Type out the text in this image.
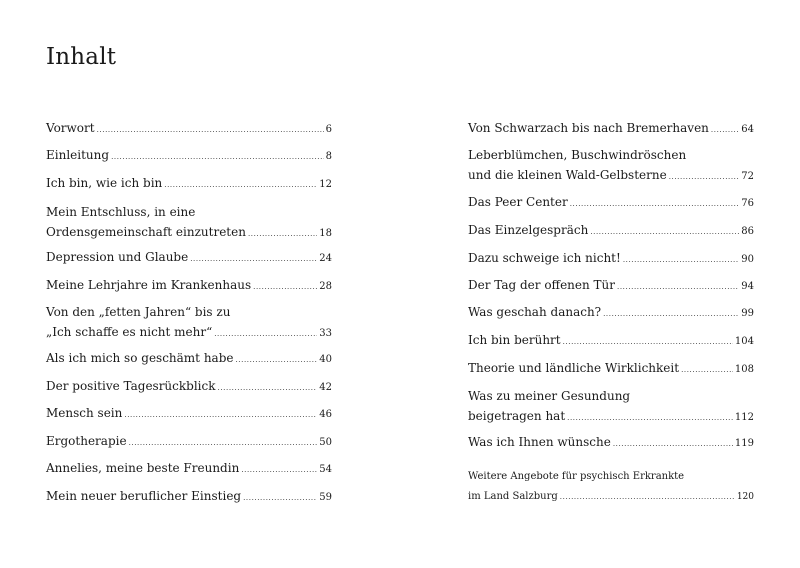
Inhalt
Vorwort .....	6
Einleitung .....	8
Ich bin, wie ich bin .....	12
Mein Entschluss, in eine
Ordensgemeinschaft einzutreten .....	18
Depression und Glaube .....	24
Meine Lehrjahre im Krankenhaus .....	28
Von den „fetten Jahren“ bis zu
„Ich schaffe es nicht mehr“ .....	33
Als ich mich so geschämt habe .....	40
Der positive Tagesrückblick .....	42
Mensch sein .....	46
Ergotherapie .....	50
Annelies, meine beste Freundin .....	54
Mein neuer beruflicher Einstieg .....	59
Von Schwarzach bis nach Bremerhaven .....	64
Leberblümchen, Buschwindröschen
und die kleinen Wald-Gelbsterne .....	72
Das Peer Center .....	76
Das Einzelgespräch .....	86
Dazu schweige ich nicht! .....	90
Der Tag der offenen Tür .....	94
Was geschah danach? .....	99
Ich bin berührt .....	104
Theorie und ländliche Wirklichkeit .....	108
Was zu meiner Gesundung
beigetragen hat .....	112
Was ich Ihnen wünsche .....	119
Weitere Angebote für psychisch Erkrankte
im Land Salzburg .....	120
